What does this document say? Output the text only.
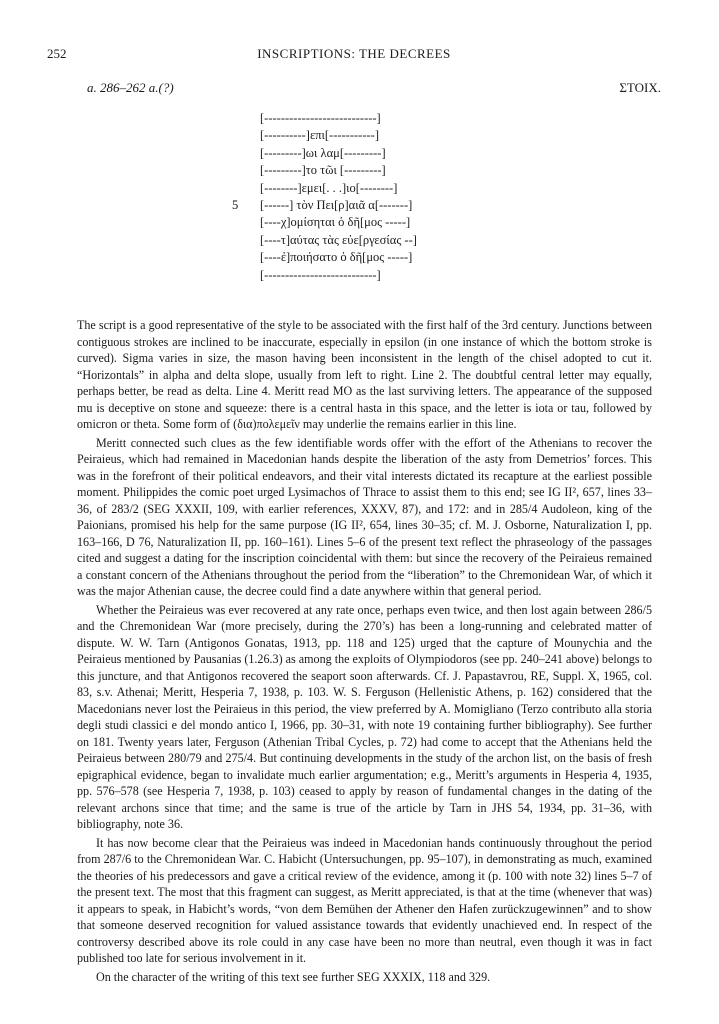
252	INSCRIPTIONS: THE DECREES
a. 286–262 a.(?)	ΣΤΟΙΧ.
[---------------------------]
[----------]επι[-----------]
[---------]ωι λαμ[---------]
[---------]το τῶι [---------]
[--------]εμει[. . .]ιο[--------]
5 [------] τὸν Πει[ρ]αιᾶ α[-------]
[----χ]ομίσηται ὁ δῆ[μος -----]
[----τ]αύτας τὰς εὐε[ργεσίας --]
[----ἐ]ποιήσατο ὁ δῆ[μος -----]
[---------------------------]

The script is a good representative of the style to be associated with the first half of the 3rd century. Junctions between contiguous strokes are inclined to be inaccurate, especially in epsilon (in one instance of which the bottom stroke is curved). Sigma varies in size, the mason having been inconsistent in the length of the chisel adopted to cut it. “Horizontals” in alpha and delta slope, usually from left to right. Line 2. The doubtful central letter may equally, perhaps better, be read as delta. Line 4. Meritt read MO as the last surviving letters. The appearance of the supposed mu is deceptive on stone and squeeze: there is a central hasta in this space, and the letter is iota or tau, followed by omicron or theta. Some form of (δια)πολεμεῖν may underlie the remains earlier in this line.

Meritt connected such clues as the few identifiable words offer with the effort of the Athenians to recover the Peiraieus, which had remained in Macedonian hands despite the liberation of the asty from Demetrios’ forces. This was in the forefront of their political endeavors, and their vital interests dictated its recapture at the earliest possible moment. Philippides the comic poet urged Lysimachos of Thrace to assist them to this end; see IG II², 657, lines 33–36, of 283/2 (SEG XXXII, 109, with earlier references, XXXV, 87), and 172: and in 285/4 Audoleon, king of the Paionians, promised his help for the same purpose (IG II², 654, lines 30–35; cf. M. J. Osborne, Naturalization I, pp. 163–166, D 76, Naturalization II, pp. 160–161). Lines 5–6 of the present text reflect the phraseology of the passages cited and suggest a dating for the inscription coincidental with them: but since the recovery of the Peiraieus remained a constant concern of the Athenians throughout the period from the “liberation” to the Chremonidean War, of which it was the major Athenian cause, the decree could find a date anywhere within that general period.

Whether the Peiraieus was ever recovered at any rate once, perhaps even twice, and then lost again between 286/5 and the Chremonidean War (more precisely, during the 270’s) has been a long-running and celebrated matter of dispute. W. W. Tarn (Antigonos Gonatas, 1913, pp. 118 and 125) urged that the capture of Mounychia and the Peiraieus mentioned by Pausanias (1.26.3) as among the exploits of Olympiodoros (see pp. 240–241 above) belongs to this juncture, and that Antigonos recovered the seaport soon afterwards. Cf. J. Papastavrou, RE, Suppl. X, 1965, col. 83, s.v. Athenai; Meritt, Hesperia 7, 1938, p. 103. W. S. Ferguson (Hellenistic Athens, p. 162) considered that the Macedonians never lost the Peiraieus in this period, the view preferred by A. Momigliano (Terzo contributo alla storia degli studi classici e del mondo antico I, 1966, pp. 30–31, with note 19 containing further bibliography). See further on 181. Twenty years later, Ferguson (Athenian Tribal Cycles, p. 72) had come to accept that the Athenians held the Peiraieus between 280/79 and 275/4. But continuing developments in the study of the archon list, on the basis of fresh epigraphical evidence, began to invalidate much earlier argumentation; e.g., Meritt’s arguments in Hesperia 4, 1935, pp. 576–578 (see Hesperia 7, 1938, p. 103) ceased to apply by reason of fundamental changes in the dating of the relevant archons since that time; and the same is true of the article by Tarn in JHS 54, 1934, pp. 31–36, with bibliography, note 36.

It has now become clear that the Peiraieus was indeed in Macedonian hands continuously throughout the period from 287/6 to the Chremonidean War. C. Habicht (Untersuchungen, pp. 95–107), in demonstrating as much, examined the theories of his predecessors and gave a critical review of the evidence, among it (p. 100 with note 32) lines 5–7 of the present text. The most that this fragment can suggest, as Meritt appreciated, is that at the time (whenever that was) it appears to speak, in Habicht’s words, “von dem Bemühen der Athener den Hafen zurückzugewinnen” and to show that someone deserved recognition for valued assistance towards that evidently unachieved end. In respect of the controversy described above its role could in any case have been no more than neutral, even though it was in fact published too late for serious involvement in it.

On the character of the writing of this text see further SEG XXXIX, 118 and 329.
